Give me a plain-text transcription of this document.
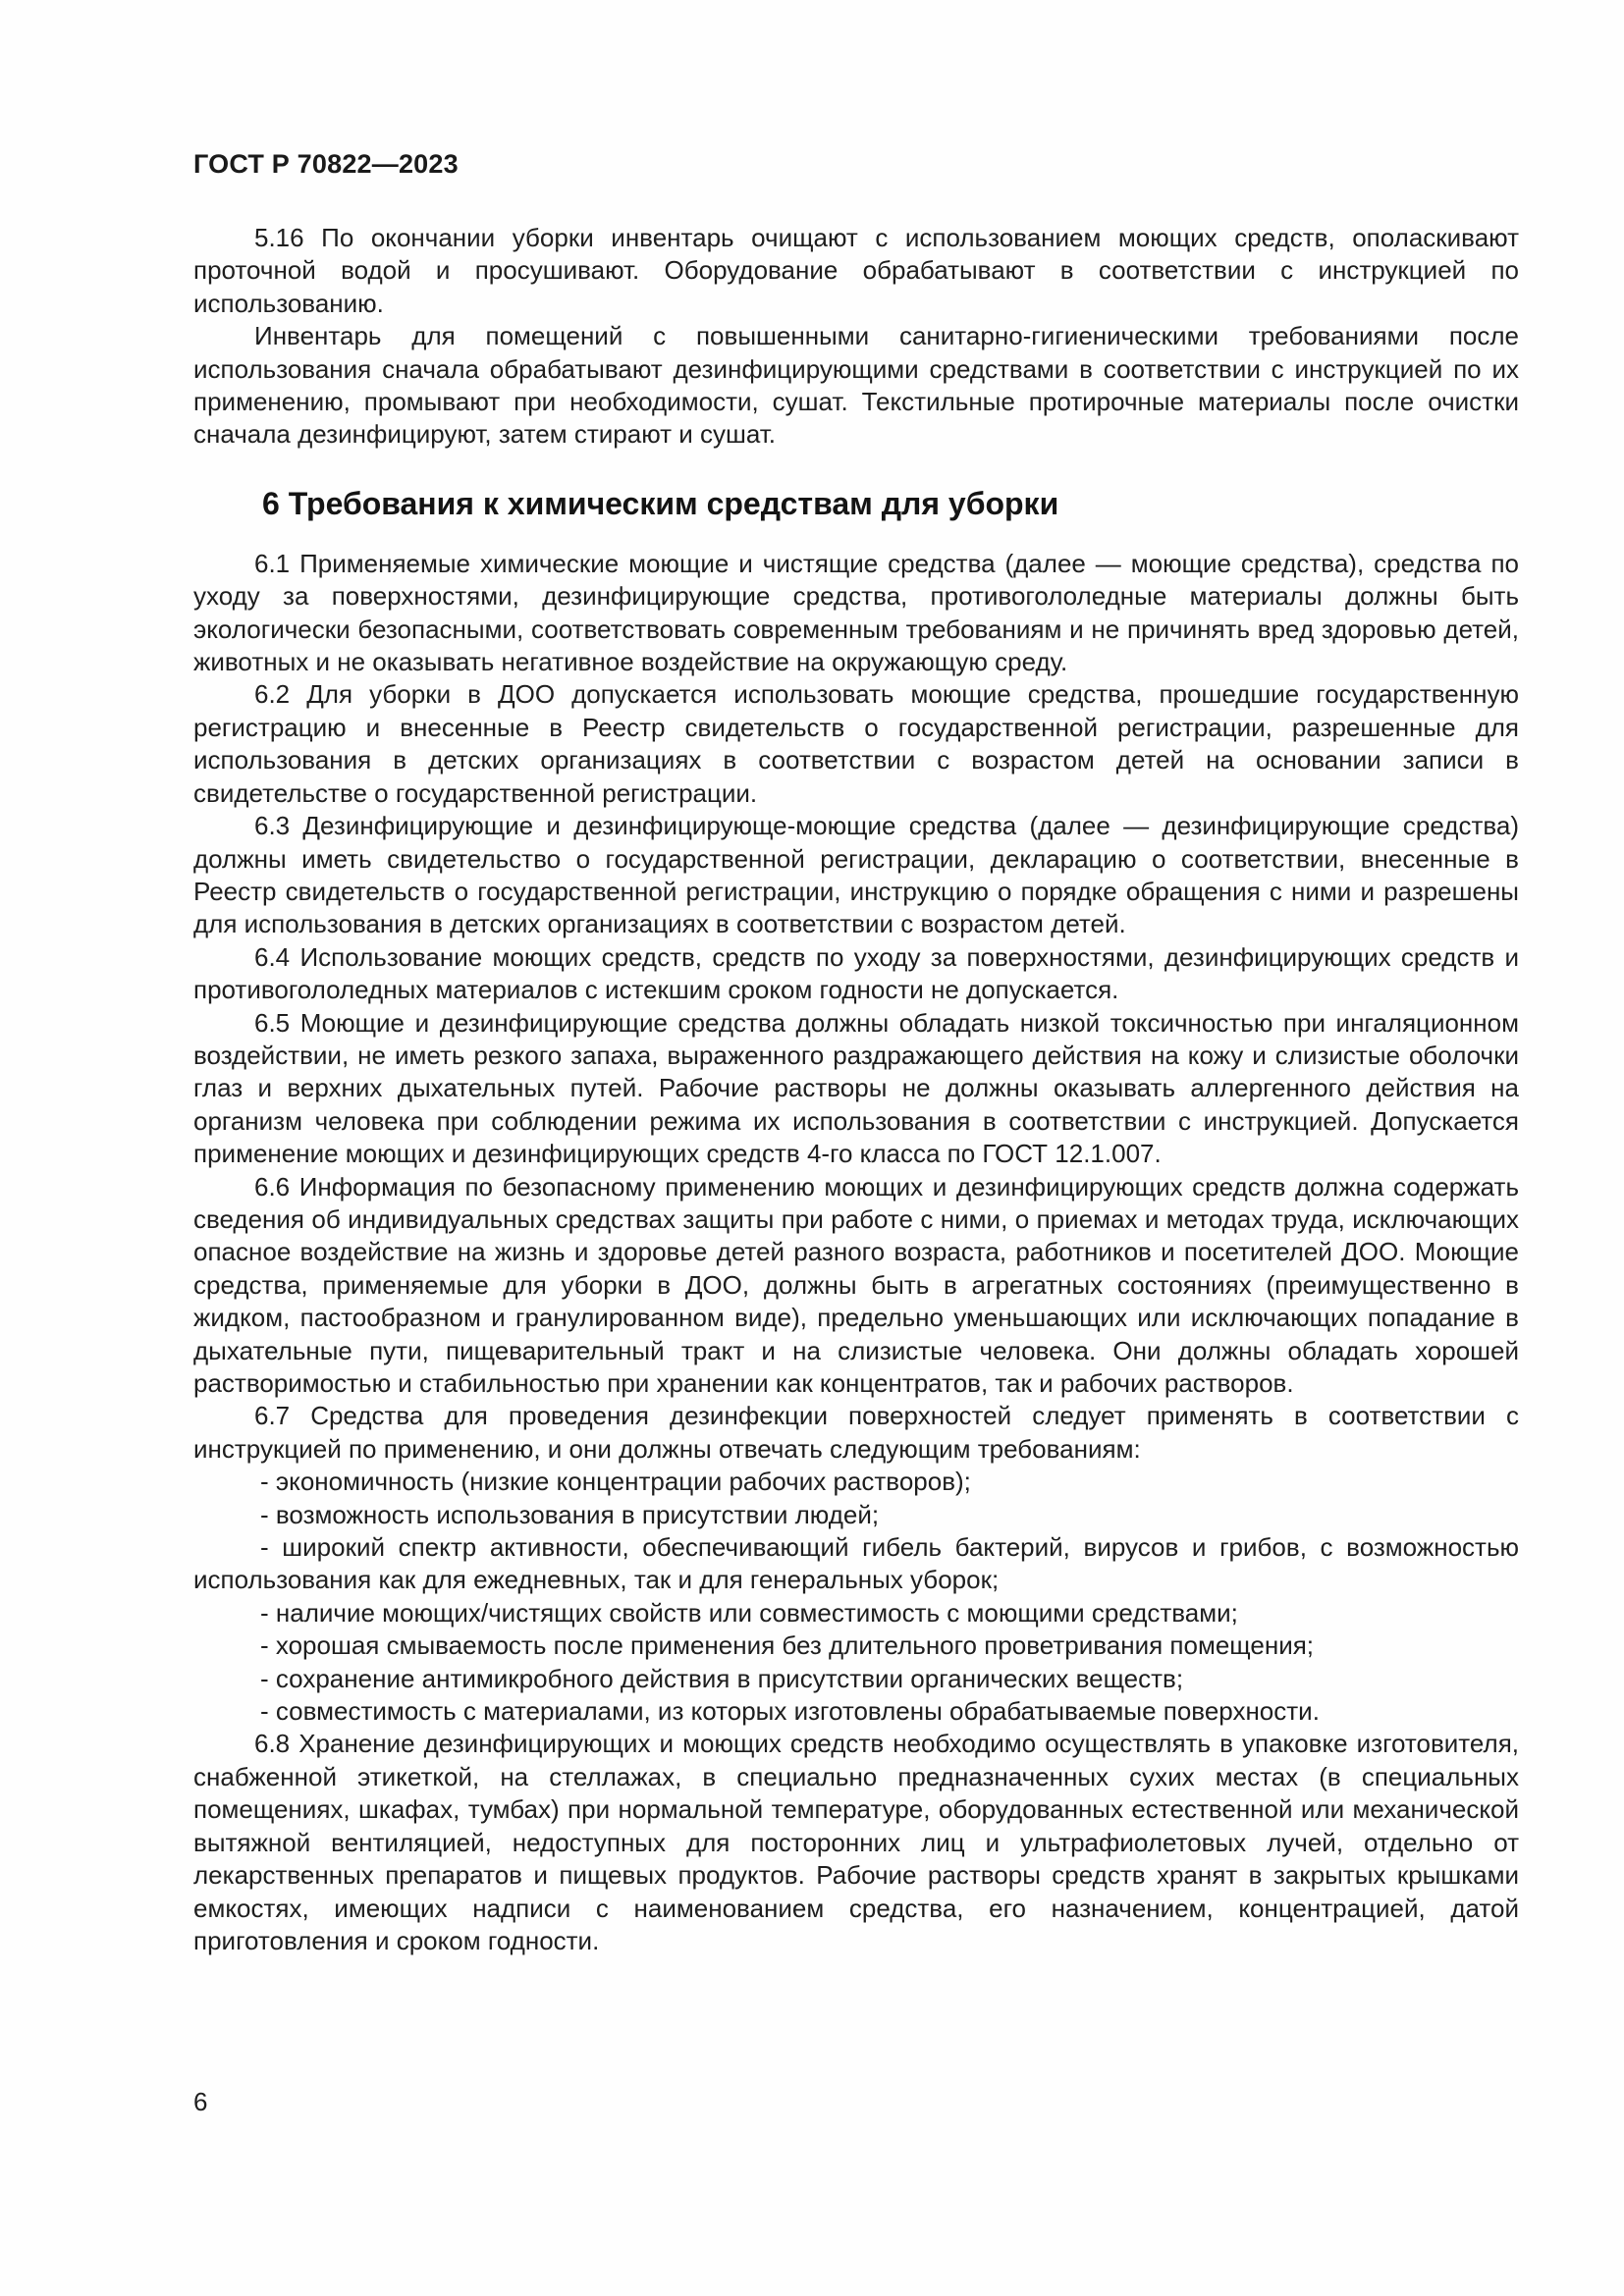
ГОСТ Р 70822—2023

5.16 По окончании уборки инвентарь очищают с использованием моющих средств, ополаскивают проточной водой и просушивают. Оборудование обрабатывают в соответствии с инструкцией по использованию.

Инвентарь для помещений с повышенными санитарно-гигиеническими требованиями после использования сначала обрабатывают дезинфицирующими средствами в соответствии с инструкцией по их применению, промывают при необходимости, сушат. Текстильные протирочные материалы после очистки сначала дезинфицируют, затем стирают и сушат.

6 Требования к химическим средствам для уборки

6.1 Применяемые химические моющие и чистящие средства (далее — моющие средства), средства по уходу за поверхностями, дезинфицирующие средства, противогололедные материалы должны быть экологически безопасными, соответствовать современным требованиям и не причинять вред здоровью детей, животных и не оказывать негативное воздействие на окружающую среду.

6.2 Для уборки в ДОО допускается использовать моющие средства, прошедшие государственную регистрацию и внесенные в Реестр свидетельств о государственной регистрации, разрешенные для использования в детских организациях в соответствии с возрастом детей на основании записи в свидетельстве о государственной регистрации.

6.3 Дезинфицирующие и дезинфицирующе-моющие средства (далее — дезинфицирующие средства) должны иметь свидетельство о государственной регистрации, декларацию о соответствии, внесенные в Реестр свидетельств о государственной регистрации, инструкцию о порядке обращения с ними и разрешены для использования в детских организациях в соответствии с возрастом детей.

6.4 Использование моющих средств, средств по уходу за поверхностями, дезинфицирующих средств и противогололедных материалов с истекшим сроком годности не допускается.

6.5 Моющие и дезинфицирующие средства должны обладать низкой токсичностью при ингаляционном воздействии, не иметь резкого запаха, выраженного раздражающего действия на кожу и слизистые оболочки глаз и верхних дыхательных путей. Рабочие растворы не должны оказывать аллергенного действия на организм человека при соблюдении режима их использования в соответствии с инструкцией. Допускается применение моющих и дезинфицирующих средств 4-го класса по ГОСТ 12.1.007.

6.6 Информация по безопасному применению моющих и дезинфицирующих средств должна содержать сведения об индивидуальных средствах защиты при работе с ними, о приемах и методах труда, исключающих опасное воздействие на жизнь и здоровье детей разного возраста, работников и посетителей ДОО. Моющие средства, применяемые для уборки в ДОО, должны быть в агрегатных состояниях (преимущественно в жидком, пастообразном и гранулированном виде), предельно уменьшающих или исключающих попадание в дыхательные пути, пищеварительный тракт и на слизистые человека. Они должны обладать хорошей растворимостью и стабильностью при хранении как концентратов, так и рабочих растворов.

6.7 Средства для проведения дезинфекции поверхностей следует применять в соответствии с инструкцией по применению, и они должны отвечать следующим требованиям:

- экономичность (низкие концентрации рабочих растворов);

- возможность использования в присутствии людей;

- широкий спектр активности, обеспечивающий гибель бактерий, вирусов и грибов, с возможностью использования как для ежедневных, так и для генеральных уборок;

- наличие моющих/чистящих свойств или совместимость с моющими средствами;

- хорошая смываемость после применения без длительного проветривания помещения;

- сохранение антимикробного действия в присутствии органических веществ;

- совместимость с материалами, из которых изготовлены обрабатываемые поверхности.

6.8 Хранение дезинфицирующих и моющих средств необходимо осуществлять в упаковке изготовителя, снабженной этикеткой, на стеллажах, в специально предназначенных сухих местах (в специальных помещениях, шкафах, тумбах) при нормальной температуре, оборудованных естественной или механической вытяжной вентиляцией, недоступных для посторонних лиц и ультрафиолетовых лучей, отдельно от лекарственных препаратов и пищевых продуктов. Рабочие растворы средств хранят в закрытых крышками емкостях, имеющих надписи с наименованием средства, его назначением, концентрацией, датой приготовления и сроком годности.

6
